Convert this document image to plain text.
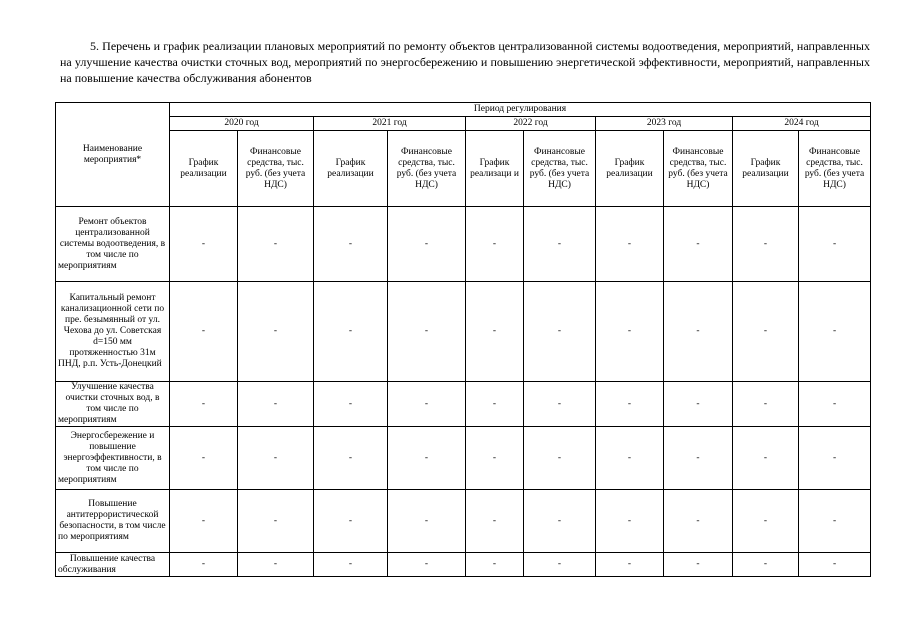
5. Перечень и график реализации плановых мероприятий по ремонту объектов централизованной системы водоотведения, мероприятий, направленных на улучшение качества очистки сточных вод, мероприятий по энергосбережению и повышению энергетической эффективности, мероприятий, направленных на повышение качества обслуживания абонентов
Наименование мероприятия*	Период регулирования									
	2020 год		2021 год		2022 год		2023 год		2024 год	
	График реализации	Финансовые средства, тыс. руб. (без учета НДС)	График реализации	Финансовые средства, тыс. руб. (без учета НДС)	График реализаци и	Финансовые средства, тыс. руб. (без учета НДС)	График реализации	Финансовые средства, тыс. руб. (без учета НДС)	График реализации	Финансовые средства, тыс. руб. (без учета НДС)
Ремонт объектов централизованной системы водоотведения, в том числе по мероприятиям	-	-	-	-	-	-	-	-	-	-
Капитальный ремонт канализационной сети по пре. безымянный от ул. Чехова до ул. Советская d=150 мм протяженностью 31м ПНД, р.п. Усть-Донецкий	-	-	-	-	-	-	-	-	-	-
Улучшение качества очистки сточных вод, в том числе по мероприятиям	-	-	-	-	-	-	-	-	-	-
Энергосбережение и повышение энергоэффективности, в том числе по мероприятиям	-	-	-	-	-	-	-	-	-	-
Повышение антитеррористической безопасности, в том числе по мероприятиям	-	-	-	-	-	-	-	-	-	-
Повышение качества обслуживания	-	-	-	-	-	-	-	-	-	-
